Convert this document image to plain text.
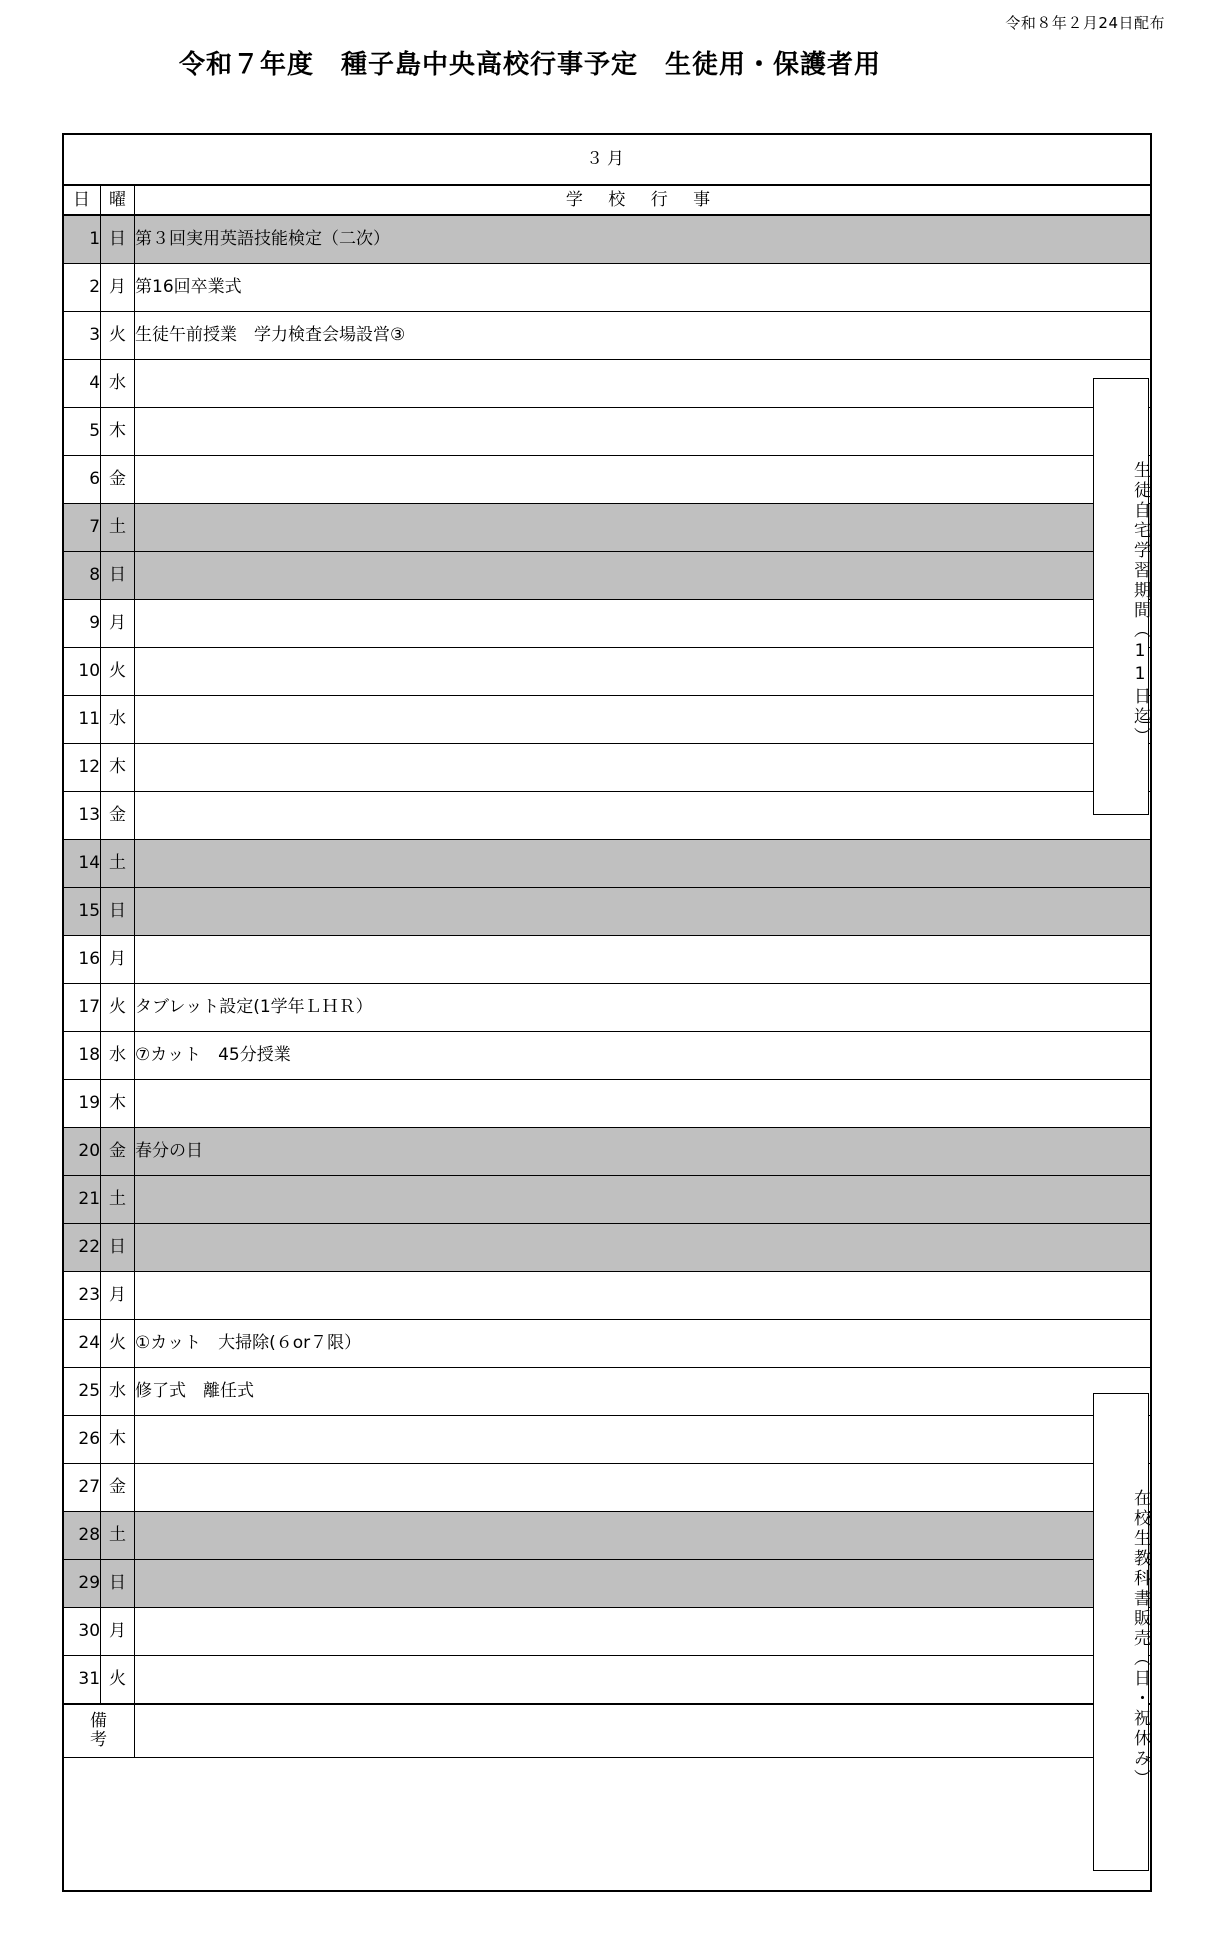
令和８年２月24日配布
令和７年度　種子島中央高校行事予定　生徒用・保護者用
３月		
日	曜	学 校 行 事
1	日	第３回実用英語技能検定（二次）
2	月	第16回卒業式
3	火	生徒午前授業　学力検査会場設営③
4	水	
5	木	
6	金	
7	土	
8	日	
9	月	
10	火	
11	水	
12	木	
13	金	
14	土	
15	日	
16	月	
17	火	タブレット設定(1学年ＬＨＲ）
18	水	⑦カット　45分授業
19	木	
20	金	春分の日
21	土	
22	日	
23	月	
24	火	①カット　大掃除(６or７限）
25	水	修了式　離任式
26	木	
27	金	
28	土	
29	日	
30	月	
31	火	

備
考		

生徒自宅学習期間（11日迄）
在校生教科書販売（日・祝休み）
